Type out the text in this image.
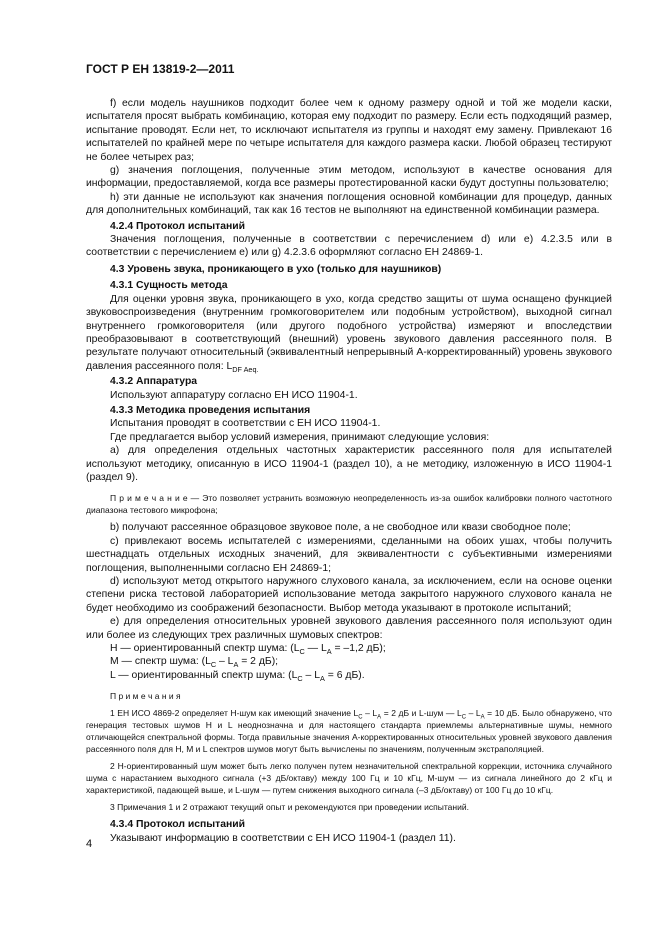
ГОСТ Р ЕН 13819-2—2011

f) если модель наушников подходит более чем к одному размеру одной и той же модели каски, испытателя просят выбрать комбинацию, которая ему подходит по размеру. Если есть подходящий размер, испытание проводят. Если нет, то исключают испытателя из группы и находят ему замену. Привлекают 16 испытателей по крайней мере по четыре испытателя для каждого размера каски. Любой образец тестируют не более четырех раз;

g) значения поглощения, полученные этим методом, используют в качестве основания для информации, предоставляемой, когда все размеры протестированной каски будут доступны пользователю;

h) эти данные не используют как значения поглощения основной комбинации для процедур, данных для дополнительных комбинаций, так как 16 тестов не выполняют на единственной комбинации размера.

4.2.4 Протокол испытаний

Значения поглощения, полученные в соответствии с перечислением d) или e) 4.2.3.5 или в соответствии с перечислением e) или g) 4.2.3.6 оформляют согласно ЕН 24869-1.

4.3 Уровень звука, проникающего в ухо (только для наушников)

4.3.1 Сущность метода

Для оценки уровня звука, проникающего в ухо, когда средство защиты от шума оснащено функцией звуковоспроизведения (внутренним громкоговорителем или подобным устройством), выходной сигнал внутреннего громкоговорителя (или другого подобного устройства) измеряют и впоследствии преобразовывают в соответствующий (внешний) уровень звукового давления рассеянного поля. В результате получают относительный (эквивалентный непрерывный А-корректированный) уровень звукового давления рассеянного поля: $L_{DF Aeq.}$

4.3.2 Аппаратура

Используют аппаратуру согласно ЕН ИСО 11904-1.

4.3.3 Методика проведения испытания

Испытания проводят в соответствии с ЕН ИСО 11904-1.

Где предлагается выбор условий измерения, принимают следующие условия:

a) для определения отдельных частотных характеристик рассеянного поля для испытателей используют методику, описанную в ИСО 11904-1 (раздел 10), а не методику, изложенную в ИСО 11904-1 (раздел 9).

П р и м е ч а н и е — Это позволяет устранить возможную неопределенность из-за ошибок калибровки полного частотного диапазона тестового микрофона;

b) получают рассеянное образцовое звуковое поле, а не свободное или квази свободное поле;

c) привлекают восемь испытателей с измерениями, сделанными на обоих ушах, чтобы получить шестнадцать отдельных исходных значений, для эквивалентности с субъективными измерениями поглощения, выполненными согласно ЕН 24869-1;

d) используют метод открытого наружного слухового канала, за исключением, если на основе оценки степени риска тестовой лабораторией использование метода закрытого наружного слухового канала не будет необходимо из соображений безопасности. Выбор метода указывают в протоколе испытаний;

e) для определения относительных уровней звукового давления рассеянного поля используют один или более из следующих трех различных шумовых спектров:

H — ориентированный спектр шума: ($L_C$ — $L_A = -1,2$ дБ);

M — спектр шума: ($L_C - L_A = 2$ дБ);

L — ориентированный спектр шума: ($L_C - L_A = 6$ дБ).

П р и м е ч а н и я

1 ЕН ИСО 4869-2 определяет Н-шум как имеющий значение $L_C - L_A = 2$ дБ и L-шум — $L_C - L_A = 10$ дБ. Было обнаружено, что генерация тестовых шумов Н и L неоднозначна и для настоящего стандарта приемлемы альтернативные шумы, немного отличающейся спектральной формы. Тогда правильные значения А-корректированных относительных уровней звукового давления рассеянного поля для Н, М и L спектров шумов могут быть вычислены по значениям, полученным экстраполяцией.

2 Н-ориентированный шум может быть легко получен путем незначительной спектральной коррекции, источника случайного шума с нарастанием выходного сигнала (+3 дБ/октаву) между 100 Гц и 10 кГц, М-шум — из сигнала линейного до 2 кГц и характеристикой, падающей выше, и L-шум — путем снижения выходного сигнала (–3 дБ/октаву) от 100 Гц до 10 кГц.

3 Примечания 1 и 2 отражают текущий опыт и рекомендуются при проведении испытаний.

4.3.4 Протокол испытаний

Указывают информацию в соответствии с ЕН ИСО 11904-1 (раздел 11).

4
